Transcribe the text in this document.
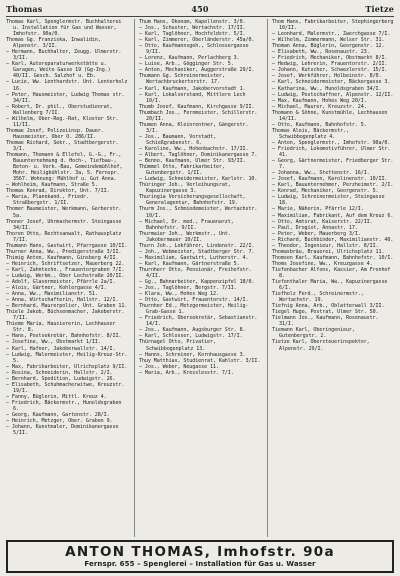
Thomas	450	Tietze
Thomas Karl, Spenglermstr. Buchhalterei u. Installation für Gas und Wasser, Imhofstr. 90a/0.
Thomas Gg. Franziska, Inwalidin, Alpenstr. 3/II.
— Hermann, Buchhalter, Zeugg. Ulmerstr. 3/II.
— Karl, Autoreparaturwerkstätte u. Garagen, Weite Gasse 19 (Gg-Ing.) 40/II. Gesch. Salzhof u. Eb.
— Lucie, Ww. Lenthardstr. Unt. Lenterholz 16.
— Peter, Hausmeister, Ludwig Thomas str. 34/II.
— Robert, Dr. phil., Oberstudienrat, Wallenberg 7/II.
— Wilhelm, Ober-Reg.-Rat, Kloster Str. 11/II.
Thomae Josef, Polizeiinsp. Dauer. Hausmeister, Ober O. 286/II.
Thomae Richard, Sekr., Stadtbergerstr. 3/I.
Thomann, Thomann & Ellefel, G.-G., Fr., Bauunternehmung d. Hoch-, Tiefbau-, Beton- u. Verk.-Bau, Gemeindemühlhof, Mohr. Heiligbühlstr. 3a, 5. Fernspr. 3567. Wohnung: Mühlhof u. Gut Anna.
— Wohlheim, Kaufmann, Straße 5.
Thomas Konrad, Direktor, Unt. 7/II.
— Maria, Plannkand., Friedr. Straßbergstr. 1/II.
Thomer Baumeister, Werkmann, Gerberstr. 5a.
Thoner Josef, Uhrmachermstr. Steingasse 34/II.
Thoren Otto, Rechtsanwalt, Rathausplatz 7/II.
Thumann Hans, Gastwirt, Pfarrgasse 10/II.
Thurner Anna, Ww., Predigerstraße 3/II.
Thimig Anton, Kaufmann, Ginsberg 4/II.
— Heinrich, Schriftsetzer, Mauerberg 22.
— Karl, Zahntechn., Frauentorgraben 7/I.
— Ludwig, Werkm., Ober Lechstraße 20/II.
— Adolf, Glasermeister, Pfärrle 2a/I.
— Alois, Gärtner, Kohlergasse 4/I.
— Anna, Ww., Maximilianstr. 51.
— Anna, Wirtschafterin, Hallstr. 12/I.
— Bernhard, Maurerpolier, Unt. Graben 11.
Thiele Jakob, Büchsenmacher, Jakoberstr. 7/II.
Thieme Maria, Hausiererin, Lechhauser Str. 8.
— Hans, Postsekretär, Bahnhofstr. 8/II.
— Josefine, Ww., Obstmarkt 1/II.
— Karl, Hafner, Jakoberwallstr. 14/I.
— Ludwig, Malermeister, Heilig-Kreuz-Str. 5.
— Max, Fabrikarbeiter, Ulrichsplatz 9/II.
— Rosina, Schneiderin, Hallstr. 2/I.
— Bernhard, Spedition, Ludwigstr. 26.
— Elisabeth, Schuhmacherwitwe, Kreuzstr. 19/I.
— Fanny, Büglerin, Mittl. Kreuz 4.
— Friedrich, Bäckermstr., Hunoldsgraben 6.
— Georg, Kaufmann, Gartenstr. 28/I.
— Heinrich, Metzger, Ober. Graben 9.
— Johann, Kunstmaler, Dominikanergasse 5/II.
Thum Hans, Ökonom, Kapellenstr. 3/0.
— Jos., Schuster, Wertachstr. 17/II.
— Karl, Taglöhner, Hochfeldstr. 5/I.
— Karl, Zimmerer, Oberländerstr. 45a/0.
— Otto, Kaufmannsgeh., Schlossergasse 9/II.
— Lorenz, Kaufmann, Perlachberg 3.
— Luise, Arb., Gögginger Str. 5.
— Anton, Mechaniker, Auggerstraße 29/I.
Thumann Gg. Schreinermeister, Wertachbruckertorstr. 17.
— Karl, Kaufmann, Jakobervorstadt 1.
— Karl, Lokalvorstand, Mittlere Lech 10/I.
Thumb Josef, Kaufmann, Kirchgasse 9/II.
Thumbach Jos., Fernmeister, Schillerstr. 20/II.
Thumen Anna, Kleinrentner, Gängerstr. 3/I.
— Jos., Baumann, Vorstadt, Schießgrabenstr. 6.
— Karoline, Ww., Hohenbachstr. 17/II.
— Albert, Taglöhner, Dominikanergasse 7.
— Benno, Kaufmann, Ulmer Str. 93/II.
Thümmel Otto, Fabrikarbeiter, Gutenbergstr. 1/II.
— Ludwig, Schneidermeister, Karlstr. 10.
Thüringer Joh., Verleihungsrat, Kapuzinergasse 3.
Thuringia Versicherungsgesellschaft, Generalagentur, Bahnhofstr. 19.
Thurm Jos., Schmiedemeister, Wertachstr. 10/I.
— Michael, Dr. med., Frauenarzt, Bahnhofstr. 9/II.
Thurmaier Joh., Werkmstr., Unt. Jakobermauer 10/II.
Thurn Joh., Lokführer, Lindenstr. 22/I.
— Joh., Webmeister, Stadtberger Str. 7.
— Maximilian, Gastwirt, Lutherstr. 4.
— Karl, Kaufmann, Gärtnerstraße 5.
Thurnherr Otto, Pensionär, Freihofstr. 4/II.
— Gg., Bahnarbeiter, Kappenzipfel 18/0.
— Jos., Taglöhner, Bergstr. 7/II.
— Klara, Ww., Hohes Weg 12.
— Otto, Gastwirt, Frauentorstr. 14/I.
Thurnher Ed., Metzgermeister, Heilig-Grab-Gasse 1.
— Friedrich, Obersekretär, Sebastianstr. 14/I.
— Jos., Kaufmann, Augsburger Str. 8.
— Karl, Schlosser, Ludwigstr. 17/I.
Thürnagel Otto, Privatier, Schwibbogenplatz 13.
— Hanns, Schreiner, Kornhausgasse 3.
Thuy Matthias, Studienrat, Kahlstr. 3/II.
— Jos., Weber, Neugasse 11.
— Maria, Arb., Kresslesstr. 7/I.
Thom Hans, Fabrikarbeiter, Stephingerberg 10/II.
— Leonhard, Malermstr., Zwerchgasse 7/I.
— Wilhelm, Zimmermann, Welser Str. 31.
Thoman Anna, Büglerin, Georgenstr. 12.
— Elisabeth, Ww., Rosenaustr. 23.
— Friedrich, Mechaniker, Obstmarkt 8/I.
— Hedwig, Lehrerin, Frauentorstr. 2/II.
— Johann, Kutscher, Schaezlerstr. 15/I.
— Josef, Werkführer, Holbeinstr. 8/0.
— Karl, Schneidermeister, Bäckergasse 3.
— Katharina, Ww., Hunoldsgraben 34/I.
— Ludwig, Postschaffner, Alpenstr. 12/II.
— Max, Kaufmann, Hohes Weg 20/I.
— Michael, Maurer, Kreuzstr. 24.
Thomann & Söhne, Kunstmühle, Lechhausen 14/II.
— Otto, Kaufmann, Bahnhofstr. 5.
Thomas Alois, Bäckermstr., Schwibbogenplatz 4.
— Anton, Spenglermstr., Imhofstr. 90a/0.
— Friedrich, Lokomotivführer, Ulmer Str. 41.
— Georg, Gärtnermeister, Friedberger Str. 7.
— Johanna, Ww., Stettenstr. 16/I.
— Josef, Kaufmann, Karolinenstr. 10/II.
— Karl, Bauunternehmer, Perzheimstr. 2/I.
— Konrad, Mechaniker, Georgenstr. 5.
— Ludwig, Schreinermeister, Steingasse 18.
— Marie, Näherin, Pfärrle 12/I.
— Maximilian, Fabrikant, Auf dem Kreuz 6.
— Otto, Amtsrat, Kaiserstr. 22/II.
— Paul, Drogist, Annastr. 17.
— Peter, Weber, Mauerberg 3/I.
— Richard, Buchbinder, Maximilianstr. 40.
— Theodor, Ingenieur, Hallstr. 8/II.
Thomasbräu, Brauerei, Ulrichsplatz 11.
Thomsen Karl, Kaufmann, Bahnhofstr. 10/I.
Thoms Josefine, Ww., Kreuzgasse 4.
Tiefenbacher Alfons, Kassier, Am Fronhof 8.
Tiefenthaler Maria, Ww., Kapuzinergasse 6/I.
Tiefholz Ferd., Schreinermstr., Wertachstr. 19.
Tiefnig Anna, Arb., Oblatterwall 3/II.
Tiegel Hugo, Postrat, Ulmer Str. 50.
Tielmann Jos., Kaufmann, Rosenaustr. 31/I.
Tiemann Karl, Oberingenieur, Gutenbergstr. 2.
Tietze Karl, Obersteuerinspektor, Alpenstr. 29/I.
ANTON THOMAS, Imhofstr. 90a
Fernspr. 655 – Spenglerei – Installation für Gas u. Wasser
